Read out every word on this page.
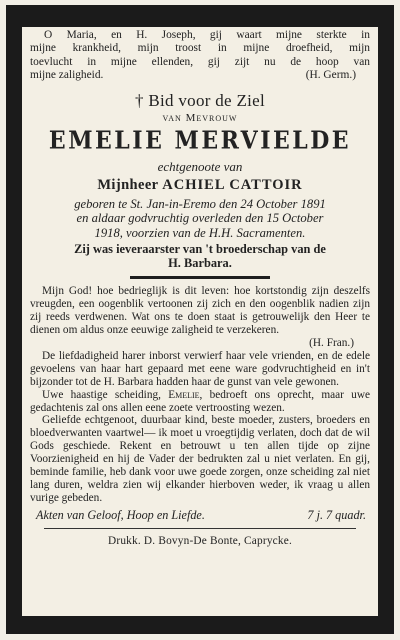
O Maria, en H. Joseph, gij waart mijne sterkte in
mijne krankheid, mijn troost in mijne droefheid, mijn
toevlucht in mijne ellenden, gij zijt nu de hoop van
mijne zaligheid.	(H. Germ.)
† Bid voor de Ziel
van Mevrouw
EMELIE MERVIELDE
echtgenoote van
Mijnheer ACHIEL CATTOIR
geboren te St. Jan-in-Eremo den 24 October 1891
en aldaar godvruchtig overleden den 15 October
1918, voorzien van de H.H. Sacramenten.
Zij was ieveraarster van 't broederschap van de
H. Barbara.

Mijn God! hoe bedrieglijk is dit leven: hoe kortstondig zijn deszelfs vreugden, een oogenblik vertoonen zij zich en den oogenblik nadien zijn zij reeds verdwenen. Wat ons te doen staat is getrouwelijk den Heer te dienen om aldus onze eeuwige zaligheid te verzekeren.
(H. Fran.)

De liefdadigheid harer inborst verwierf haar vele vrienden, en de edele gevoelens van haar hart gepaard met eene ware godvruchtigheid en in't bijzonder tot de H. Barbara hadden haar de gunst van vele gewonen.

Uwe haastige scheiding, Emelie, bedroeft ons oprecht, maar uwe gedachtenis zal ons allen eene zoete vertroosting wezen.

Geliefde echtgenoot, duurbaar kind, beste moeder, zusters, broeders en bloedverwanten vaartwel— ik moet u vroegtijdig verlaten, doch dat de wil Gods geschiede. Rekent en betrouwt u ten allen tijde op zijne Voorzienigheid en hij de Vader der bedrukten zal u niet verlaten. En gij, beminde familie, heb dank voor uwe goede zorgen, onze scheiding zal niet lang duren, weldra zien wij elkander hierboven weder, ik vraag u allen vurige gebeden.

Akten van Geloof, Hoop en Liefde.	7 j. 7 quadr.
Drukk. D. Bovyn-De Bonte, Caprycke.
